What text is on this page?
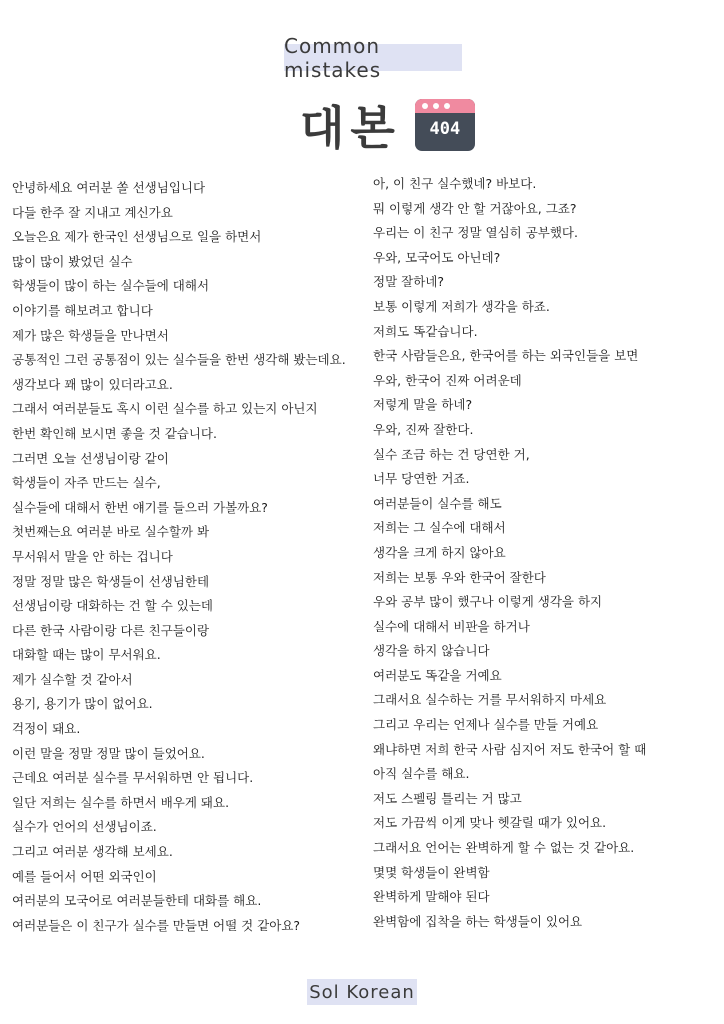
Common mistakes
대본	404
안녕하세요 여러분 쏠 선생님입니다
다들 한주 잘 지내고 계신가요
오늘은요 제가 한국인 선생님으로 일을 하면서
많이 많이 봤었던 실수
학생들이 많이 하는 실수들에 대해서
이야기를 해보려고 합니다
제가 많은 학생들을 만나면서
공통적인 그런 공통점이 있는 실수들을 한번 생각해 봤는데요.
생각보다 꽤 많이 있더라고요.
그래서 여러분들도 혹시 이런 실수를 하고 있는지 아닌지
한번 확인해 보시면 좋을 것 같습니다.
그러면 오늘 선생님이랑 같이
학생들이 자주 만드는 실수,
실수들에 대해서 한번 얘기를 들으러 가볼까요?
첫번째는요 여러분 바로 실수할까 봐
무서워서 말을 안 하는 겁니다
정말 정말 많은 학생들이 선생님한테
선생님이랑 대화하는 건 할 수 있는데
다른 한국 사람이랑 다른 친구들이랑
대화할 때는 많이 무서워요.
제가 실수할 것 같아서
용기, 용기가 많이 없어요.
걱정이 돼요.
이런 말을 정말 정말 많이 들었어요.
근데요 여러분 실수를 무서워하면 안 됩니다.
일단 저희는 실수를 하면서 배우게 돼요.
실수가 언어의 선생님이죠.
그리고 여러분 생각해 보세요.
예를 들어서 어떤 외국인이
여러분의 모국어로 여러분들한테 대화를 해요.
여러분들은 이 친구가 실수를 만들면 어떨 것 같아요?
아, 이 친구 실수했네? 바보다.
뭐 이렇게 생각 안 할 거잖아요, 그죠?
우리는 이 친구 정말 열심히 공부했다.
우와, 모국어도 아닌데?
정말 잘하네?
보통 이렇게 저희가 생각을 하죠.
저희도 똑같습니다.
한국 사람들은요, 한국어를 하는 외국인들을 보면
우와, 한국어 진짜 어려운데
저렇게 말을 하네?
우와, 진짜 잘한다.
실수 조금 하는 건 당연한 거,
너무 당연한 거죠.
여러분들이 실수를 해도
저희는 그 실수에 대해서
생각을 크게 하지 않아요
저희는 보통 우와 한국어 잘한다
우와 공부 많이 했구나 이렇게 생각을 하지
실수에 대해서 비판을 하거나
생각을 하지 않습니다
여러분도 똑같을 거예요
그래서요 실수하는 거를 무서워하지 마세요
그리고 우리는 언제나 실수를 만들 거예요
왜냐하면 저희 한국 사람 심지어 저도 한국어 할 때
아직 실수를 해요.
저도 스펠링 틀리는 거 많고
저도 가끔씩 이게 맞나 헷갈릴 때가 있어요.
그래서요 언어는 완벽하게 할 수 없는 것 같아요.
몇몇 학생들이 완벽함
완벽하게 말해야 된다
완벽함에 집착을 하는 학생들이 있어요
Sol Korean
